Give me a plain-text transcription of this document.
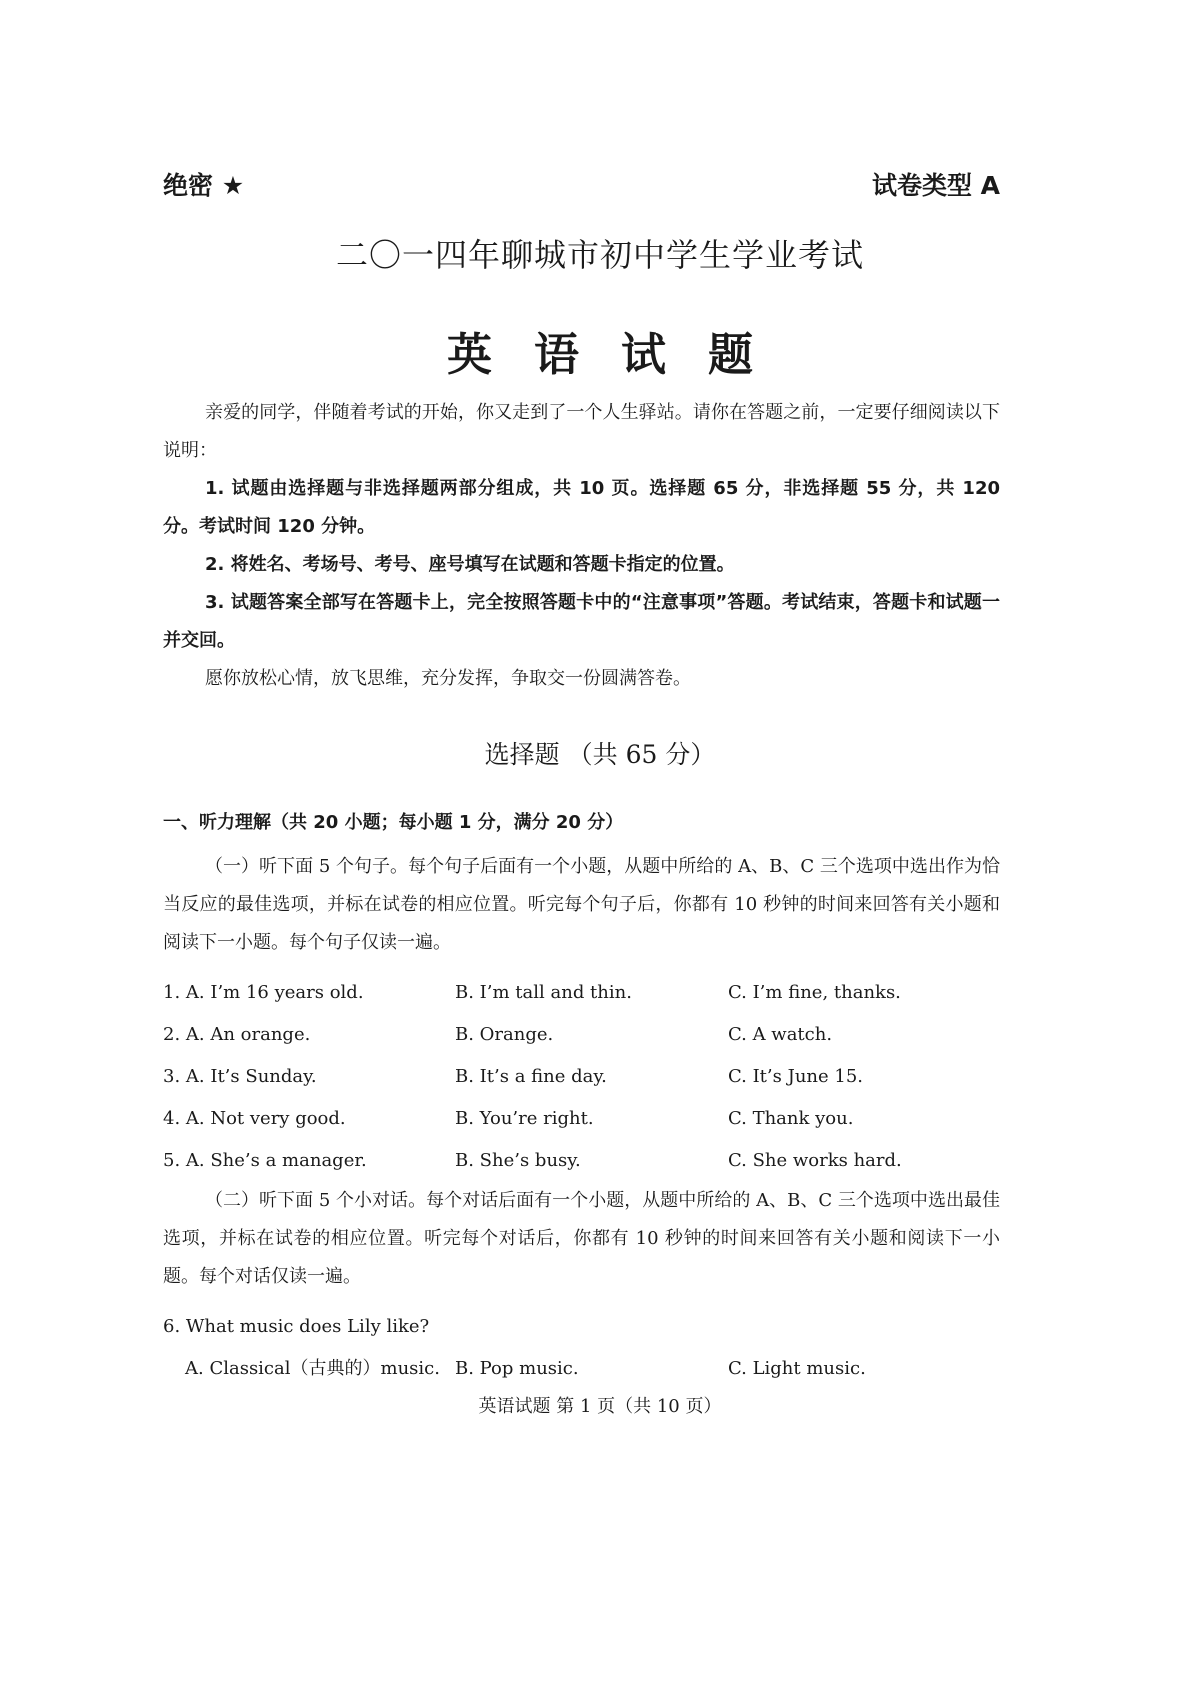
绝密 ★	试卷类型 A
二〇一四年聊城市初中学生学业考试
英语试题
亲爱的同学，伴随着考试的开始，你又走到了一个人生驿站。请你在答题之前，一定要仔细阅读以下说明：
1. 试题由选择题与非选择题两部分组成，共 10 页。选择题 65 分，非选择题 55 分，共 120 分。考试时间 120 分钟。
2. 将姓名、考场号、考号、座号填写在试题和答题卡指定的位置。
3. 试题答案全部写在答题卡上，完全按照答题卡中的“注意事项”答题。考试结束，答题卡和试题一并交回。
愿你放松心情，放飞思维，充分发挥，争取交一份圆满答卷。
选择题 （共 65 分）
一、听力理解（共 20 小题；每小题 1 分，满分 20 分）
（一）听下面 5 个句子。每个句子后面有一个小题，从题中所给的 A、B、C 三个选项中选出作为恰当反应的最佳选项，并标在试卷的相应位置。听完每个句子后，你都有 10 秒钟的时间来回答有关小题和阅读下一小题。每个句子仅读一遍。
1. A. I’m 16 years old.	B. I’m tall and thin.	C. I’m fine, thanks.
2. A. An orange.	B. Orange.	C. A watch.
3. A. It’s Sunday.	B. It’s a fine day.	C. It’s June 15.
4. A. Not very good.	B. You’re right.	C. Thank you.
5. A. She’s a manager.	B. She’s busy.	C. She works hard.
（二）听下面 5 个小对话。每个对话后面有一个小题，从题中所给的 A、B、C 三个选项中选出最佳选项，并标在试卷的相应位置。听完每个对话后，你都有 10 秒钟的时间来回答有关小题和阅读下一小题。每个对话仅读一遍。
6. What music does Lily like?
A. Classical（古典的）music. B. Pop music.	C. Light music.
英语试题 第 1 页（共 10 页）
